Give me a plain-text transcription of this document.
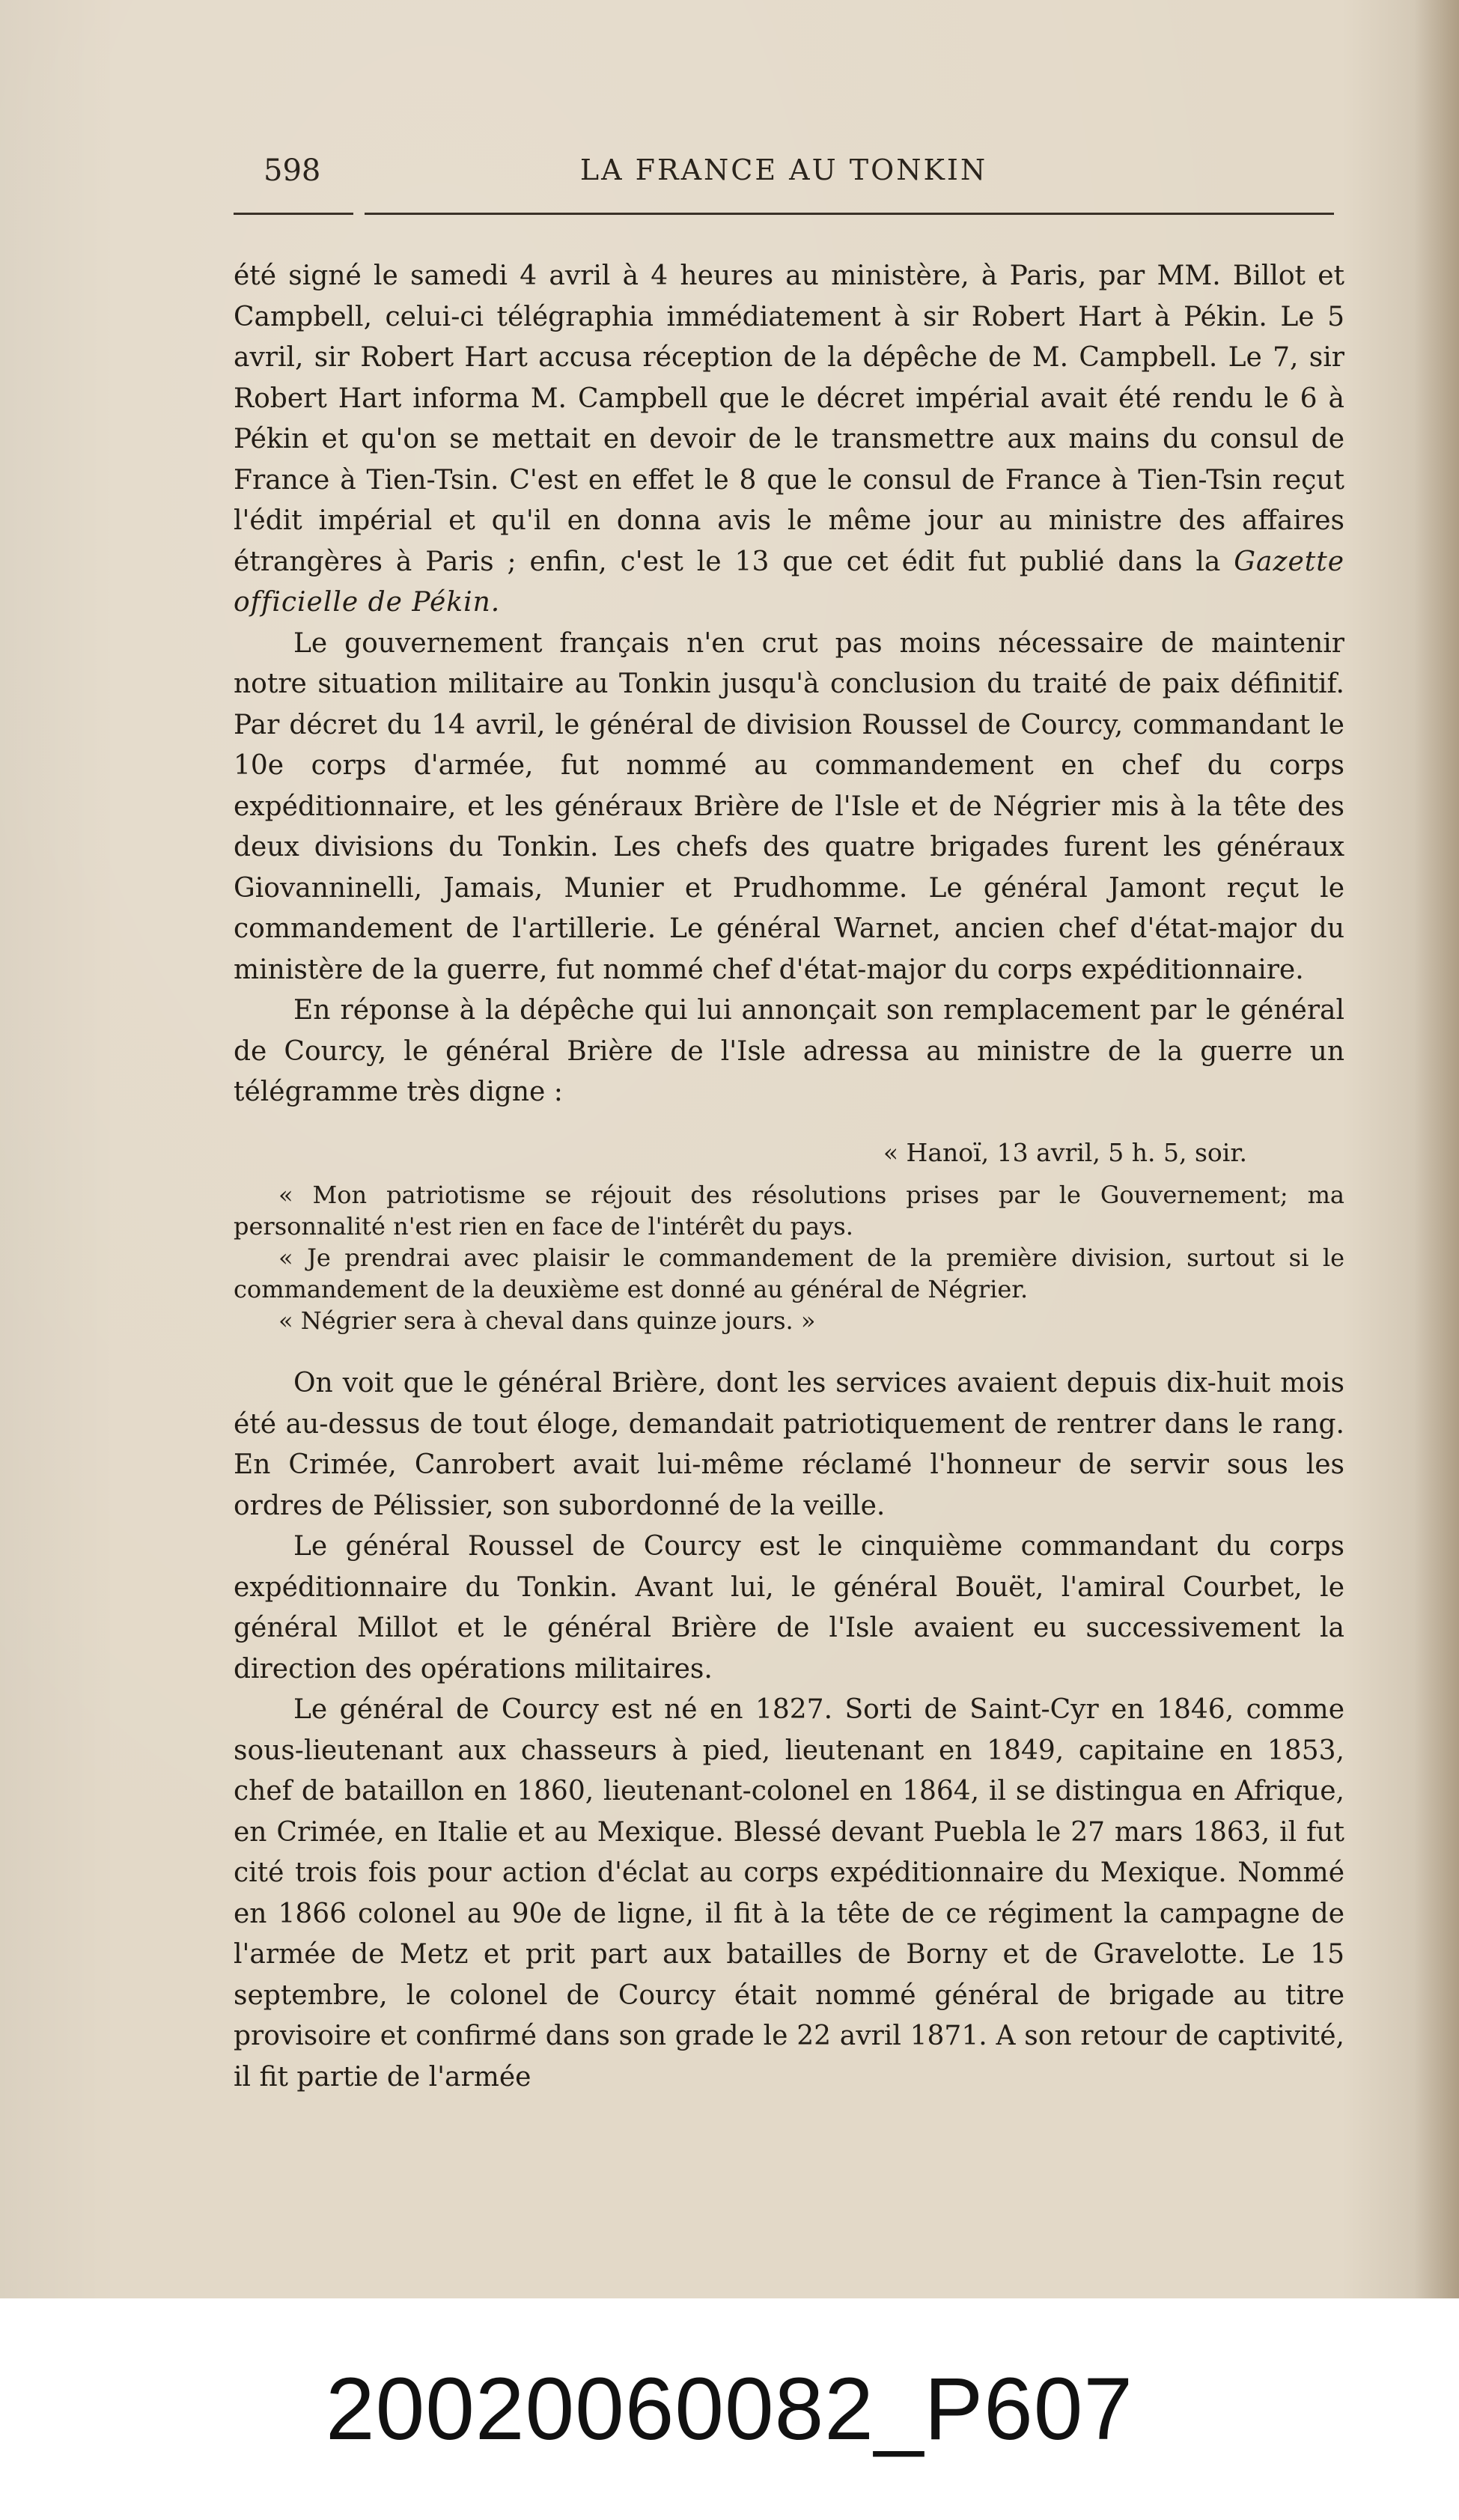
598	LA FRANCE AU TONKIN

été signé le samedi 4 avril à 4 heures au ministère, à Paris, par MM. Billot et Campbell, celui-ci télégraphia immédiatement à sir Robert Hart à Pékin. Le 5 avril, sir Robert Hart accusa réception de la dépêche de M. Campbell. Le 7, sir Robert Hart informa M. Campbell que le décret impérial avait été rendu le 6 à Pékin et qu'on se mettait en devoir de le transmettre aux mains du consul de France à Tien-Tsin. C'est en effet le 8 que le consul de France à Tien-Tsin reçut l'édit impérial et qu'il en donna avis le même jour au ministre des affaires étrangères à Paris ; enfin, c'est le 13 que cet édit fut publié dans la Gazette officielle de Pékin.

Le gouvernement français n'en crut pas moins nécessaire de maintenir notre situation militaire au Tonkin jusqu'à conclusion du traité de paix définitif. Par décret du 14 avril, le général de division Roussel de Courcy, commandant le 10e corps d'armée, fut nommé au commandement en chef du corps expéditionnaire, et les généraux Brière de l'Isle et de Négrier mis à la tête des deux divisions du Tonkin. Les chefs des quatre brigades furent les généraux Giovanninelli, Jamais, Munier et Prudhomme. Le général Jamont reçut le commandement de l'artillerie. Le général Warnet, ancien chef d'état-major du ministère de la guerre, fut nommé chef d'état-major du corps expéditionnaire.

En réponse à la dépêche qui lui annonçait son remplacement par le général de Courcy, le général Brière de l'Isle adressa au ministre de la guerre un télégramme très digne :

« Hanoï, 13 avril, 5 h. 5, soir.

« Mon patriotisme se réjouit des résolutions prises par le Gouvernement; ma personnalité n'est rien en face de l'intérêt du pays.

« Je prendrai avec plaisir le commandement de la première division, surtout si le commandement de la deuxième est donné au général de Négrier.

« Négrier sera à cheval dans quinze jours. »

On voit que le général Brière, dont les services avaient depuis dix-huit mois été au-dessus de tout éloge, demandait patriotiquement de rentrer dans le rang. En Crimée, Canrobert avait lui-même réclamé l'honneur de servir sous les ordres de Pélissier, son subordonné de la veille.

Le général Roussel de Courcy est le cinquième commandant du corps expéditionnaire du Tonkin. Avant lui, le général Bouët, l'amiral Courbet, le général Millot et le général Brière de l'Isle avaient eu successivement la direction des opérations militaires.

Le général de Courcy est né en 1827. Sorti de Saint-Cyr en 1846, comme sous-lieutenant aux chasseurs à pied, lieutenant en 1849, capitaine en 1853, chef de bataillon en 1860, lieutenant-colonel en 1864, il se distingua en Afrique, en Crimée, en Italie et au Mexique. Blessé devant Puebla le 27 mars 1863, il fut cité trois fois pour action d'éclat au corps expéditionnaire du Mexique. Nommé en 1866 colonel au 90e de ligne, il fit à la tête de ce régiment la campagne de l'armée de Metz et prit part aux batailles de Borny et de Gravelotte. Le 15 septembre, le colonel de Courcy était nommé général de brigade au titre provisoire et confirmé dans son grade le 22 avril 1871. A son retour de captivité, il fit partie de l'armée

20020060082_P607
